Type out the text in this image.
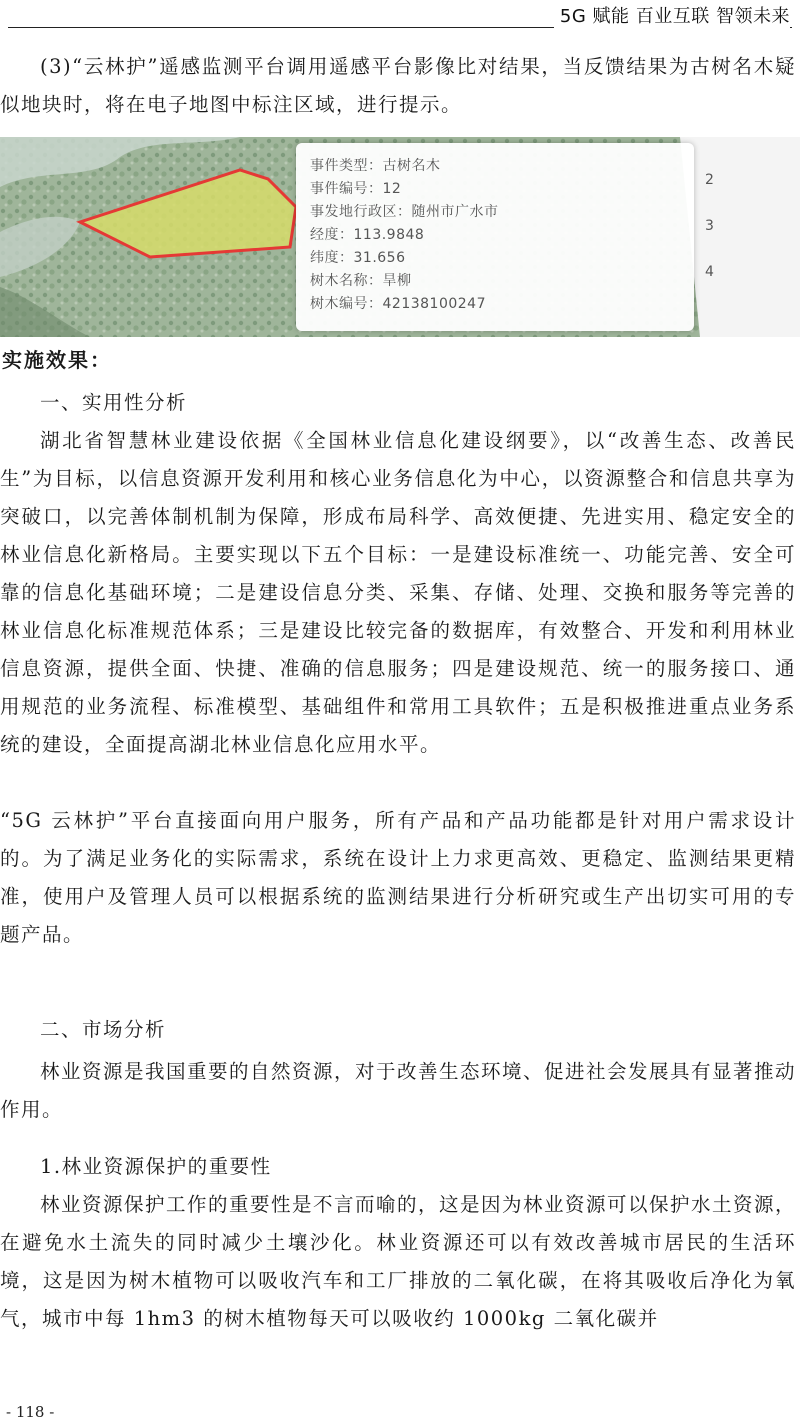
5G 赋能 百业互联 智领未来

(3)“云林护”遥感监测平台调用遥感平台影像比对结果，当反馈结果为古树名木疑似地块时，将在电子地图中标注区域，进行提示。

事件类型：古树名木
事件编号：12
事发地行政区：随州市广水市
经度：113.9848
纬度：31.656
树木名称：旱柳
树木编号：42138100247
2
3
4

实施效果：

一、实用性分析

湖北省智慧林业建设依据《全国林业信息化建设纲要》，以“改善生态、改善民生”为目标，以信息资源开发利用和核心业务信息化为中心，以资源整合和信息共享为突破口，以完善体制机制为保障，形成布局科学、高效便捷、先进实用、稳定安全的林业信息化新格局。主要实现以下五个目标：一是建设标准统一、功能完善、安全可靠的信息化基础环境；二是建设信息分类、采集、存储、处理、交换和服务等完善的林业信息化标准规范体系；三是建设比较完备的数据库，有效整合、开发和利用林业信息资源，提供全面、快捷、准确的信息服务；四是建设规范、统一的服务接口、通用规范的业务流程、标准模型、基础组件和常用工具软件；五是积极推进重点业务系统的建设，全面提高湖北林业信息化应用水平。

“5G 云林护”平台直接面向用户服务，所有产品和产品功能都是针对用户需求设计的。为了满足业务化的实际需求，系统在设计上力求更高效、更稳定、监测结果更精准，使用户及管理人员可以根据系统的监测结果进行分析研究或生产出切实可用的专题产品。

二、市场分析

林业资源是我国重要的自然资源，对于改善生态环境、促进社会发展具有显著推动作用。

1.林业资源保护的重要性

林业资源保护工作的重要性是不言而喻的，这是因为林业资源可以保护水土资源，在避免水土流失的同时减少土壤沙化。林业资源还可以有效改善城市居民的生活环境，这是因为树木植物可以吸收汽车和工厂排放的二氧化碳，在将其吸收后净化为氧气，城市中每 1hm3 的树木植物每天可以吸收约 1000kg 二氧化碳并

- 118 -
